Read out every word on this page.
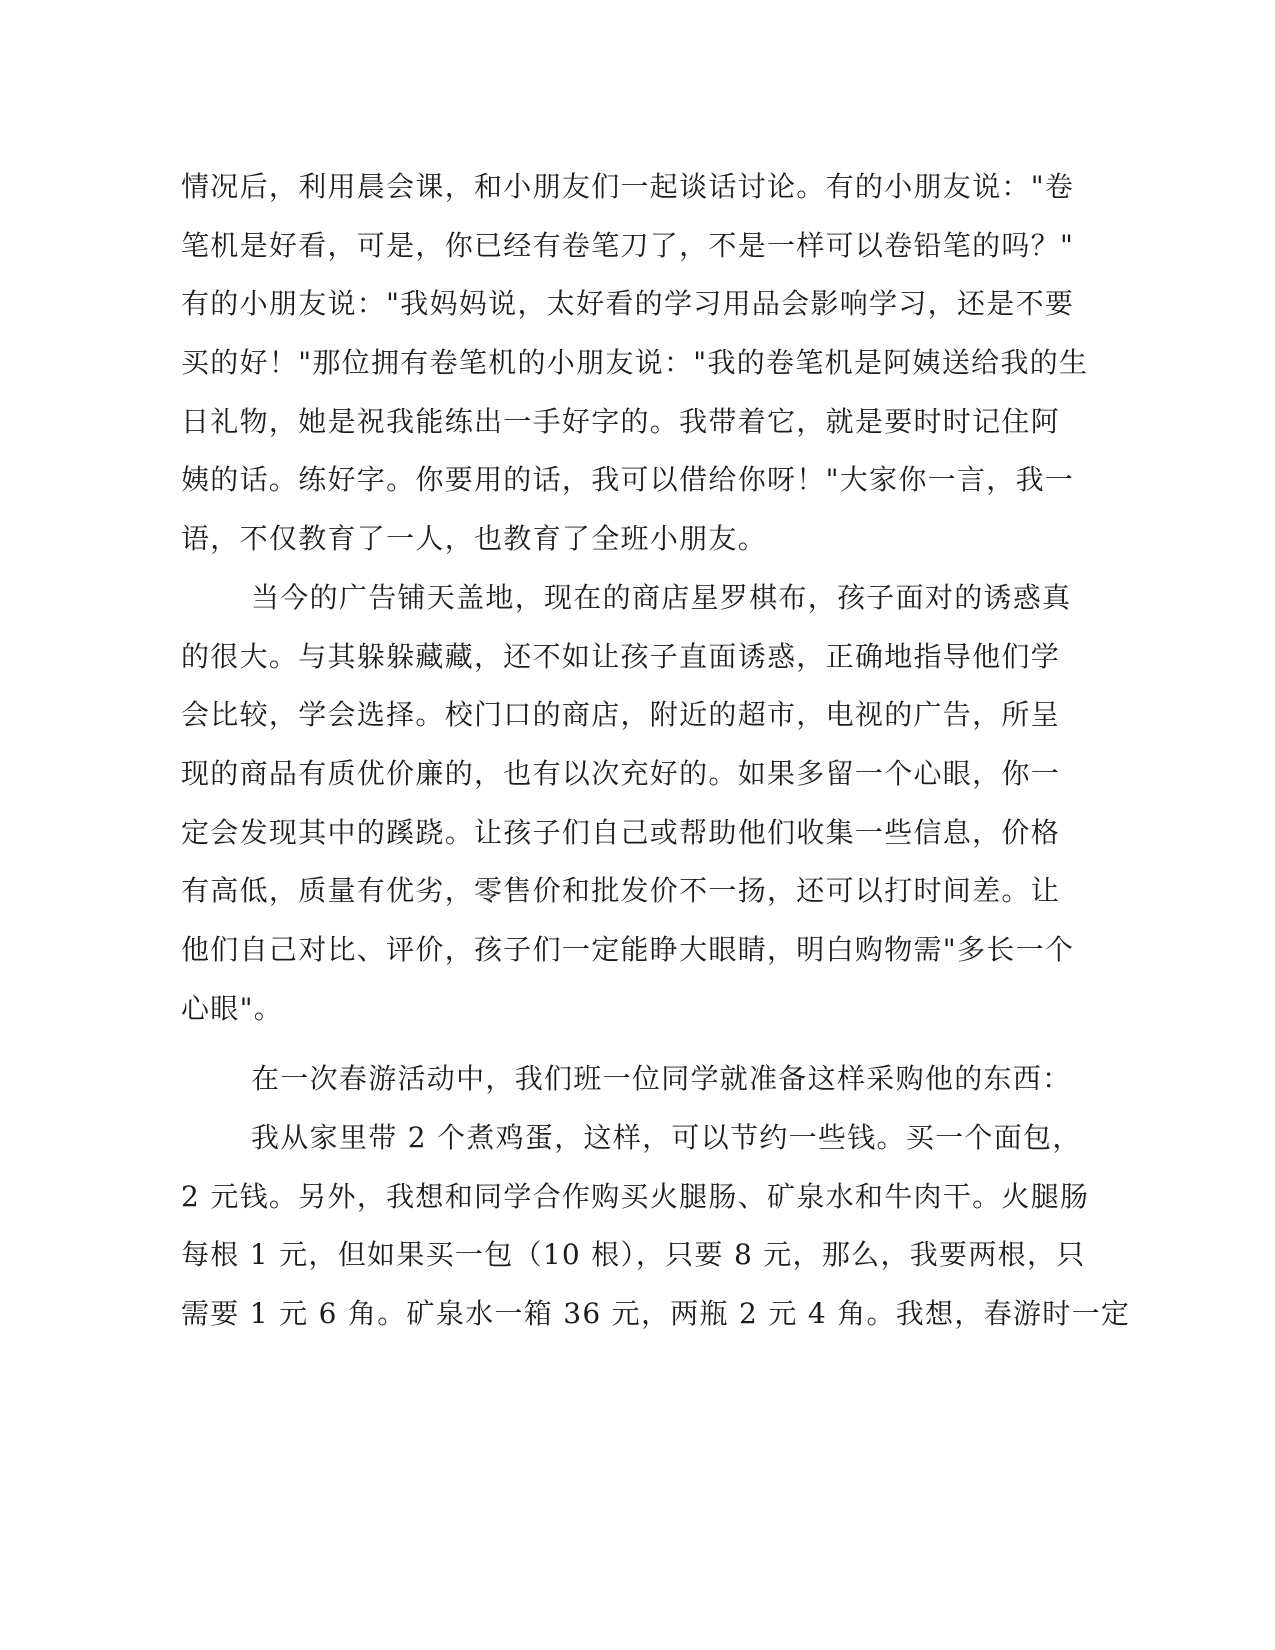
情况后，利用晨会课，和小朋友们一起谈话讨论。有的小朋友说："卷
笔机是好看，可是，你已经有卷笔刀了，不是一样可以卷铅笔的吗？"
有的小朋友说："我妈妈说，太好看的学习用品会影响学习，还是不要
买的好！"那位拥有卷笔机的小朋友说："我的卷笔机是阿姨送给我的生
日礼物，她是祝我能练出一手好字的。我带着它，就是要时时记住阿
姨的话。练好字。你要用的话，我可以借给你呀！"大家你一言，我一
语，不仅教育了一人，也教育了全班小朋友。
当今的广告铺天盖地，现在的商店星罗棋布，孩子面对的诱惑真
的很大。与其躲躲藏藏，还不如让孩子直面诱惑，正确地指导他们学
会比较，学会选择。校门口的商店，附近的超市，电视的广告，所呈
现的商品有质优价廉的，也有以次充好的。如果多留一个心眼，你一
定会发现其中的蹊跷。让孩子们自己或帮助他们收集一些信息，价格
有高低，质量有优劣，零售价和批发价不一扬，还可以打时间差。让
他们自己对比、评价，孩子们一定能睁大眼睛，明白购物需"多长一个
心眼"。
在一次春游活动中，我们班一位同学就准备这样采购他的东西：
我从家里带 2 个煮鸡蛋，这样，可以节约一些钱。买一个面包，
2 元钱。另外，我想和同学合作购买火腿肠、矿泉水和牛肉干。火腿肠
每根 1 元，但如果买一包（10 根），只要 8 元，那么，我要两根，只
需要 1 元 6 角。矿泉水一箱 36 元，两瓶 2 元 4 角。我想，春游时一定
